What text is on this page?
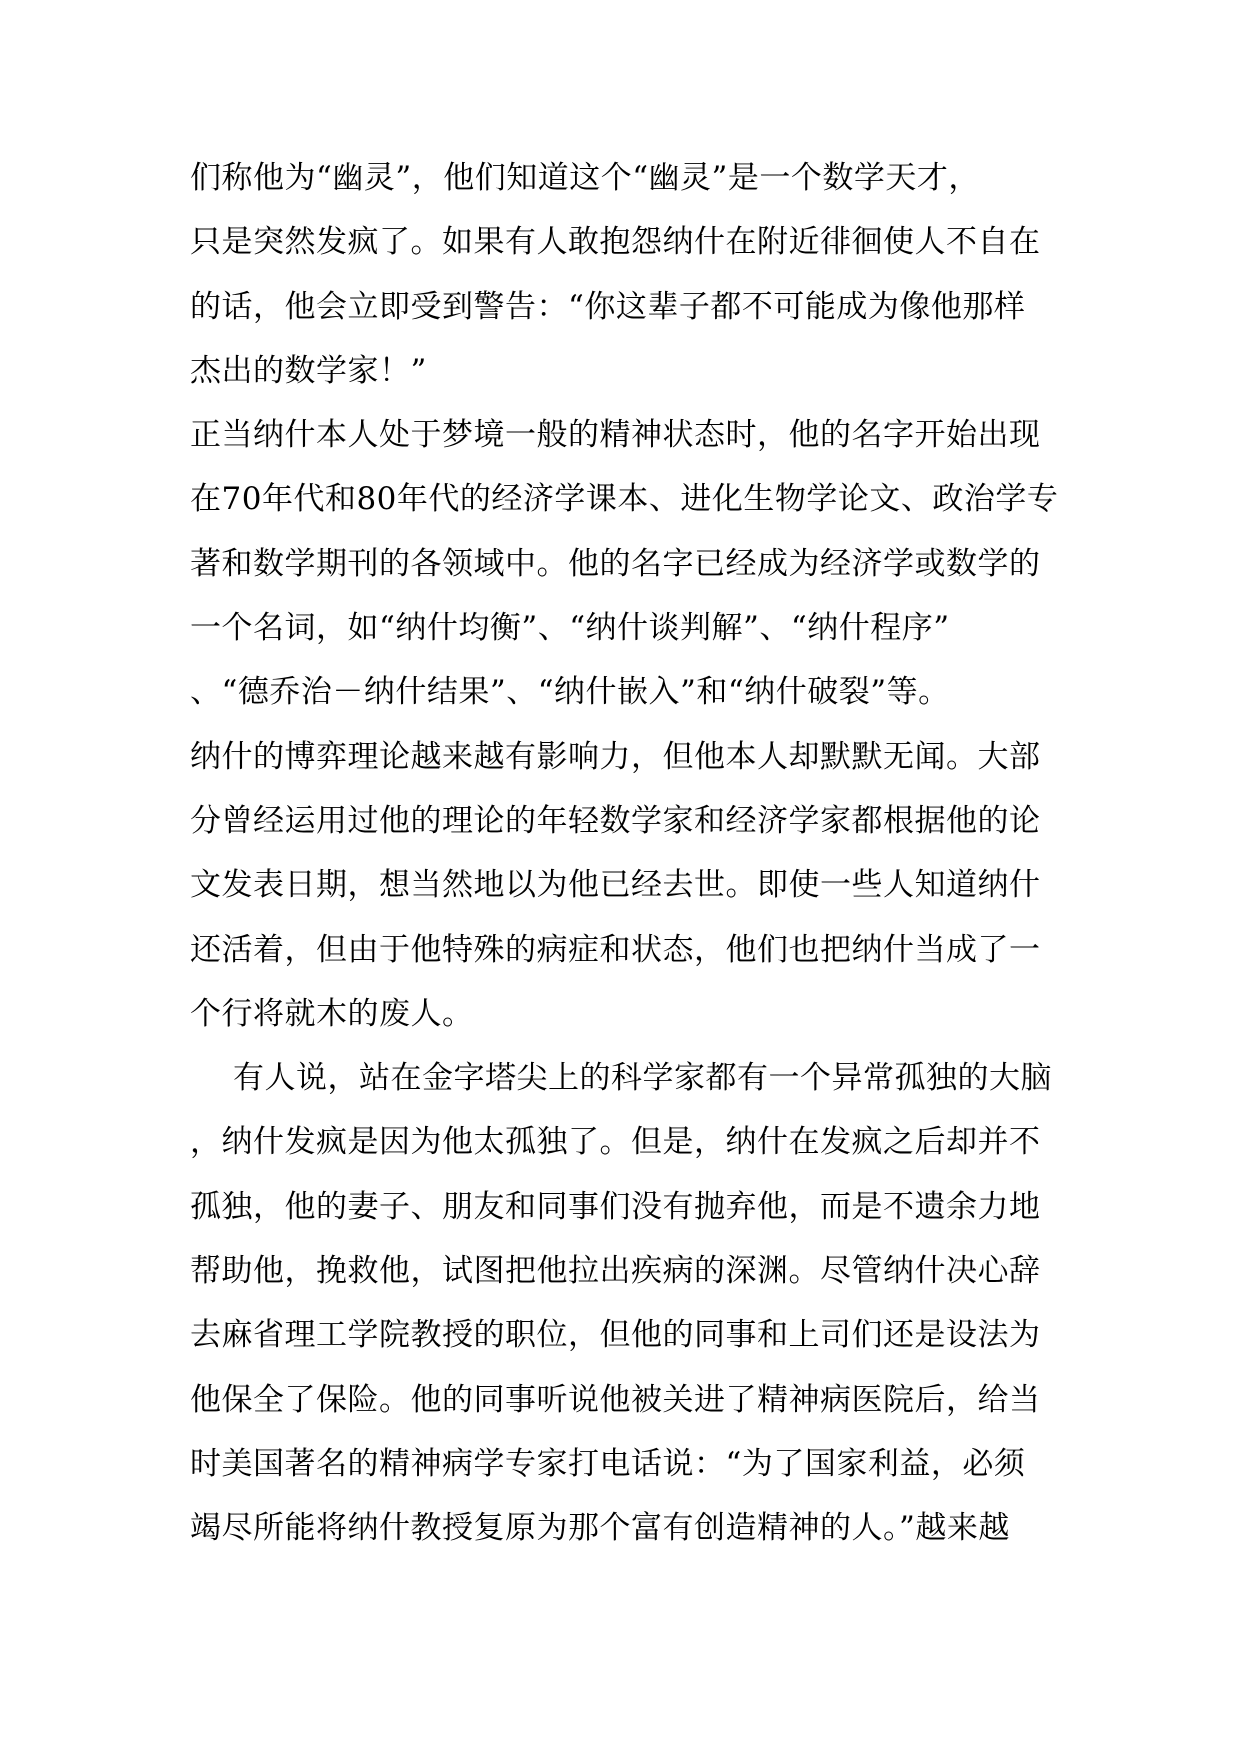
们称他为“幽灵”，他们知道这个“幽灵”是一个数学天才，
只是突然发疯了。如果有人敢抱怨纳什在附近徘徊使人不自在
的话，他会立即受到警告：“你这辈子都不可能成为像他那样
杰出的数学家！”
正当纳什本人处于梦境一般的精神状态时，他的名字开始出现
在70年代和80年代的经济学课本、进化生物学论文、政治学专
著和数学期刊的各领域中。他的名字已经成为经济学或数学的
一个名词，如“纳什均衡”、“纳什谈判解”、“纳什程序”
、“德乔治－纳什结果”、“纳什嵌入”和“纳什破裂”等。
纳什的博弈理论越来越有影响力，但他本人却默默无闻。大部
分曾经运用过他的理论的年轻数学家和经济学家都根据他的论
文发表日期，想当然地以为他已经去世。即使一些人知道纳什
还活着，但由于他特殊的病症和状态，他们也把纳什当成了一
个行将就木的废人。
有人说，站在金字塔尖上的科学家都有一个异常孤独的大脑
，纳什发疯是因为他太孤独了。但是，纳什在发疯之后却并不
孤独，他的妻子、朋友和同事们没有抛弃他，而是不遗余力地
帮助他，挽救他，试图把他拉出疾病的深渊。尽管纳什决心辞
去麻省理工学院教授的职位，但他的同事和上司们还是设法为
他保全了保险。他的同事听说他被关进了精神病医院后，给当
时美国著名的精神病学专家打电话说：“为了国家利益，必须
竭尽所能将纳什教授复原为那个富有创造精神的人。”越来越
